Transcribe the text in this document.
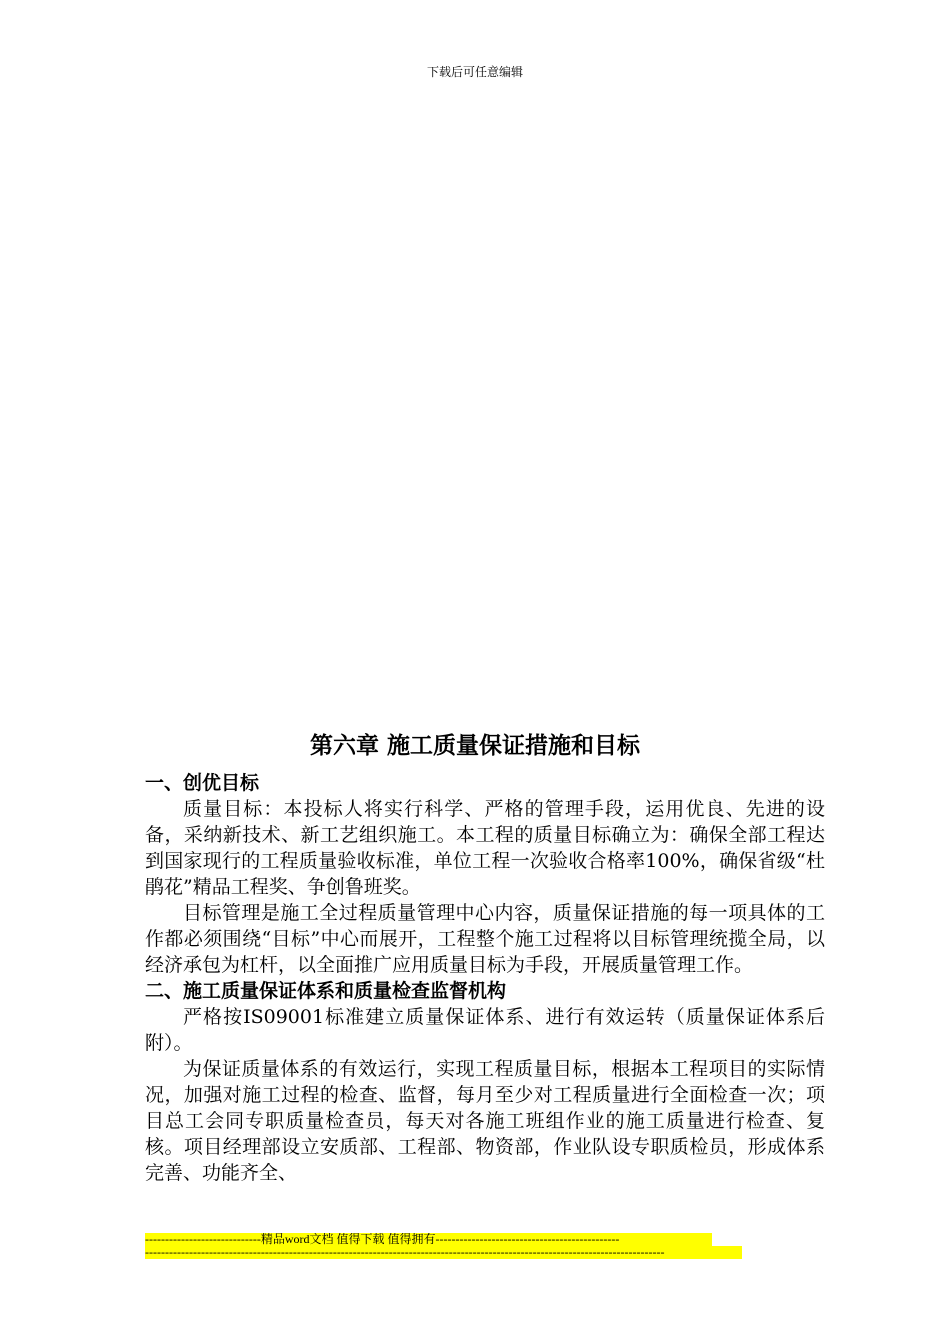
下载后可任意编辑
第六章 施工质量保证措施和目标

一、创优目标

质量目标：本投标人将实行科学、严格的管理手段，运用优良、先进的设备，采纳新技术、新工艺组织施工。本工程的质量目标确立为：确保全部工程达到国家现行的工程质量验收标准，单位工程一次验收合格率100%，确保省级“杜鹃花”精品工程奖、争创鲁班奖。

目标管理是施工全过程质量管理中心内容，质量保证措施的每一项具体的工作都必须围绕“目标”中心而展开，工程整个施工过程将以目标管理统揽全局，以经济承包为杠杆，以全面推广应用质量目标为手段，开展质量管理工作。

二、施工质量保证体系和质量检查监督机构

严格按IS09001标准建立质量保证体系、进行有效运转（质量保证体系后附）。

为保证质量体系的有效运行，实现工程质量目标，根据本工程项目的实际情况，加强对施工过程的检查、监督，每月至少对工程质量进行全面检查一次；项目总工会同专职质量检查员，每天对各施工班组作业的施工质量进行检查、复核。项目经理部设立安质部、工程部、物资部，作业队设专职质检员，形成体系完善、功能齐全、

-----------------------------精品word文档 值得下载 值得拥有----------------------------------------------
----------------------------------------------------------------------------------------------------------------------------------
